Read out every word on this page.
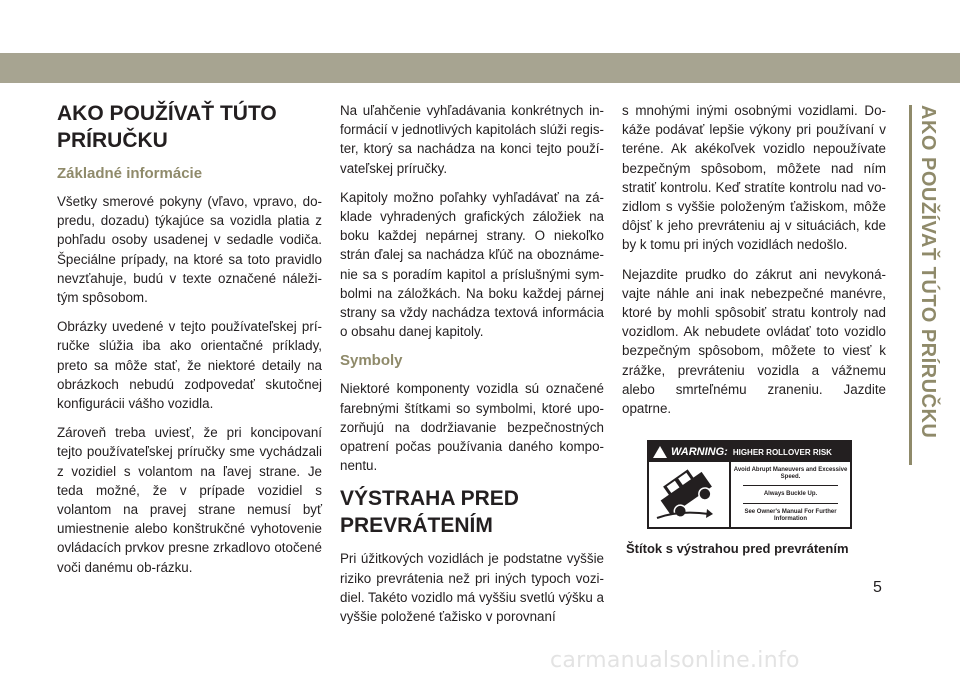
AKO POUŽÍVAŤ TÚTO PRÍRUČKU
Základné informácie

Všetky smerové pokyny (vľavo, vpravo, do-predu, dozadu) týkajúce sa vozidla platia z pohľadu osoby usadenej v sedadle vodiča. Špeciálne prípady, na ktoré sa toto pravidlo nevzťahuje, budú v texte označené náleži-tým spôsobom.

Obrázky uvedené v tejto používateľskej prí-ručke slúžia iba ako orientačné príklady, preto sa môže stať, že niektoré detaily na obrázkoch nebudú zodpovedať skutočnej konfigurácii vášho vozidla.

Zároveň treba uviesť, že pri koncipovaní tejto používateľskej príručky sme vychádzali z vozidiel s volantom na ľavej strane. Je teda možné, že v prípade vozidiel s volantom na pravej strane nemusí byť umiestnenie alebo konštrukčné vyhotovenie ovládacích prvkov presne zrkadlovo otočené voči danému ob-rázku.

Na uľahčenie vyhľadávania konkrétnych in-formácií v jednotlivých kapitolách slúži regis-ter, ktorý sa nachádza na konci tejto použí-vateľskej príručky.

Kapitoly možno poľahky vyhľadávať na zá-klade vyhradených grafických záložiek na boku každej nepárnej strany. O niekoľko strán ďalej sa nachádza kľúč na oboznáme-nie sa s poradím kapitol a príslušnými sym-bolmi na záložkách. Na boku každej párnej strany sa vždy nachádza textová informácia o obsahu danej kapitoly.

Symboly

Niektoré komponenty vozidla sú označené farebnými štítkami so symbolmi, ktoré upo-zorňujú na dodržiavanie bezpečnostných opatrení počas používania daného kompo-nentu.

VÝSTRAHA PRED PREVRÁTENÍM

Pri úžitkových vozidlách je podstatne vyššie riziko prevrátenia než pri iných typoch vozi-diel. Takéto vozidlo má vyššiu svetlú výšku a vyššie položené ťažisko v porovnaní

s mnohými inými osobnými vozidlami. Do-káže podávať lepšie výkony pri používaní v teréne. Ak akékoľvek vozidlo nepoužívate bezpečným spôsobom, môžete nad ním stratiť kontrolu. Keď stratíte kontrolu nad vo-zidlom s vyššie položeným ťažiskom, môže dôjsť k jeho prevráteniu aj v situáciách, kde by k tomu pri iných vozidlách nedošlo.

Nejazdite prudko do zákrut ani nevykoná-vajte náhle ani inak nebezpečné manévre, ktoré by mohli spôsobiť stratu kontroly nad vozidlom. Ak nebudete ovládať toto vozidlo bezpečným spôsobom, môžete to viesť k zrážke, prevráteniu vozidla a vážnemu alebo smrteľnému zraneniu. Jazdite opatrne.

WARNING: HIGHER ROLLOVER RISK
Avoid Abrupt Maneuvers and Excessive Speed.
Always Buckle Up.
See Owner's Manual For Further Information
Štítok s výstrahou pred prevrátením
AKO POUŽÍVAŤ TÚTO PRÍRUČKU
5
carmanualsonline.info
